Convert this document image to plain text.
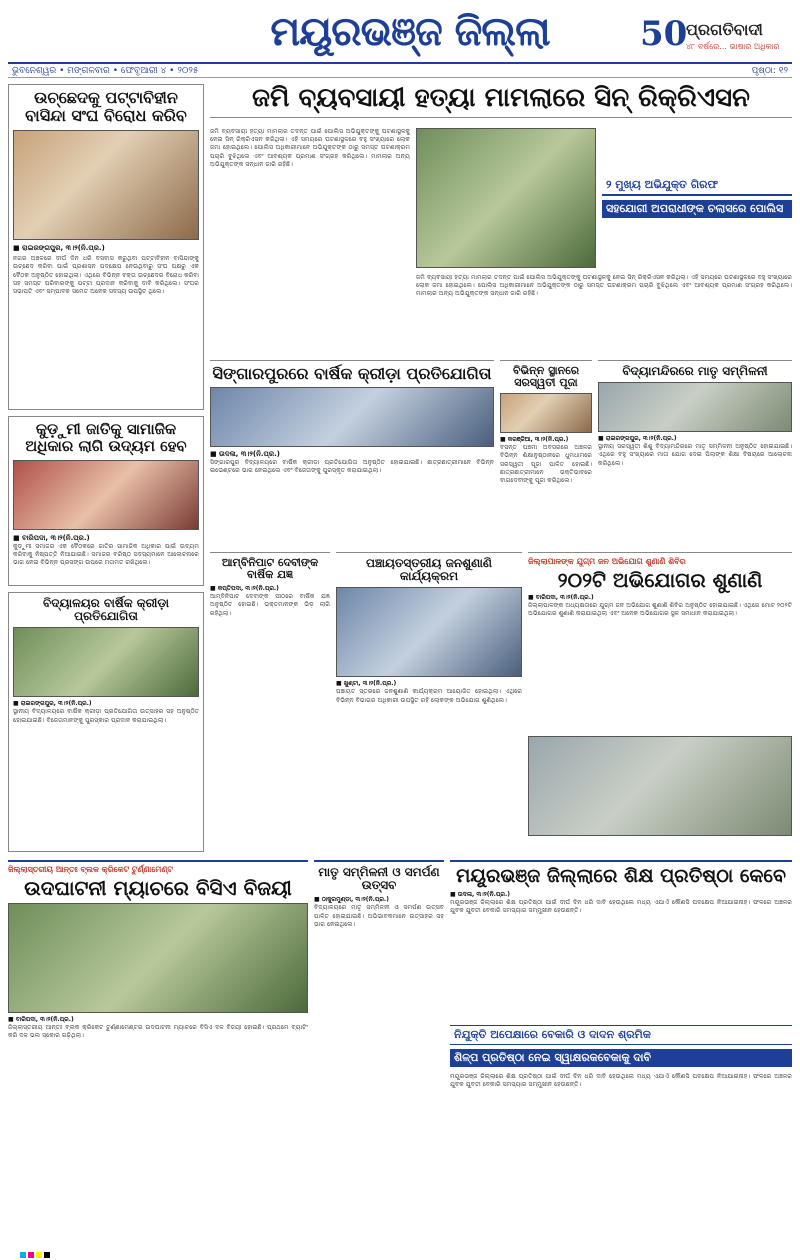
ମୟୂରଭଞ୍ଜ ଜିଲ୍ଲା	50
ପ୍ରଗତିବାଦୀ
୪୮ ବର୍ଷରେ... ଭାଷାର ଅଧିକାର
ଭୁବନେଶ୍ୱର • ମଙ୍ଗଳବାର • ଫେବୃଆରୀ ୪ • ୨୦୨୫	ପୃଷ୍ଠା: ୧୨
ଉଚ୍ଛେଦକୁ ପଟ୍ଟାବିହୀନ ବାସିନ୍ଦା ସଂଘ ବିରୋଧ କରିବ
■ ରାଇରଙ୍ଗପୁର, ୩।୨(ନି.ପ୍ର.)
ନଗର ଅଞ୍ଚଳରେ ଦୀର୍ଘ ଦିନ ଧରି ବସବାସ କରୁଥିବା ପଟ୍ଟାବିହୀନ ବାସିନ୍ଦାଙ୍କୁ ଉଚ୍ଛେଦ କରିବା ପାଇଁ ପ୍ରଶାସନ ପଦକ୍ଷେପ ନେଉଥିବାରୁ ସଂଘ ପକ୍ଷରୁ ଏକ ବୈଠକ ଅନୁଷ୍ଠିତ ହୋଇଥିଲା। ଏଥିରେ ବିଭିନ୍ନ ବକ୍ତା ଉଚ୍ଛେଦର ବିରୋଧ କରିବା ସହ ସମସ୍ତ ପରିବାରଙ୍କୁ ପଟ୍ଟା ପ୍ରଦାନ କରିବାକୁ ଦାବି କରିଥିଲେ। ସଂଘର ସଭାପତି ଏବଂ ସମ୍ପାଦକ ସମେତ ଅନେକ ସଦସ୍ୟ ଉପସ୍ଥିତ ଥିଲେ।
ଜମି ବ୍ୟବସାୟୀ ହତ୍ୟା ମାମଲାରେ ସିନ୍ ରିକ୍ରିଏସନ
ଜମି ବ୍ୟବସାୟୀ ହତ୍ୟା ମାମଲାର ତଦନ୍ତ ପାଇଁ ପୋଲିସ ଅଭିଯୁକ୍ତଙ୍କୁ ଘଟଣାସ୍ଥଳକୁ ନେଇ ସିନ୍ ରିକ୍ରିଏସନ କରିଥିଲା। ଏହି ସମୟରେ ଘଟଣାସ୍ଥଳରେ ବହୁ ସଂଖ୍ୟାରେ ଲୋକ ଜମା ହୋଇଥିଲେ। ପୋଲିସ ଅଧିକାରୀମାନେ ଅଭିଯୁକ୍ତଙ୍କ ଠାରୁ ସମସ୍ତ ଘଟଣାକ୍ରମ ପଚାରି ବୁଝିଥିଲେ ଏବଂ ଆବଶ୍ୟକ ପ୍ରମାଣ ସଂଗ୍ରହ କରିଥିଲେ। ମାମଲାର ଅନ୍ୟ ଅଭିଯୁକ୍ତଙ୍କ ସନ୍ଧାନ ଜାରି ରହିଛି।
୨ ମୁଖ୍ୟ ଅଭିଯୁକ୍ତ ଗିରଫ
ସହଯୋଗୀ ଅପରାଧୀଙ୍କ ଚଲାସରେ ପୋଲିସ
ଜମି ବ୍ୟବସାୟୀ ହତ୍ୟା ମାମଲାର ତଦନ୍ତ ପାଇଁ ପୋଲିସ ଅଭିଯୁକ୍ତଙ୍କୁ ଘଟଣାସ୍ଥଳକୁ ନେଇ ସିନ୍ ରିକ୍ରିଏସନ କରିଥିଲା। ଏହି ସମୟରେ ଘଟଣାସ୍ଥଳରେ ବହୁ ସଂଖ୍ୟାରେ ଲୋକ ଜମା ହୋଇଥିଲେ। ପୋଲିସ ଅଧିକାରୀମାନେ ଅଭିଯୁକ୍ତଙ୍କ ଠାରୁ ସମସ୍ତ ଘଟଣାକ୍ରମ ପଚାରି ବୁଝିଥିଲେ ଏବଂ ଆବଶ୍ୟକ ପ୍ରମାଣ ସଂଗ୍ରହ କରିଥିଲେ। ମାମଲାର ଅନ୍ୟ ଅଭିଯୁକ୍ତଙ୍କ ସନ୍ଧାନ ଜାରି ରହିଛି।
କୁଡ଼ୁମୀ ଜାତିକୁ ସାମାଜିକ ଅଧିକାର ଲାଗି ଉଦ୍ୟମ ହେବ
■ ବାରିପଦା, ୩।୨(ନି.ପ୍ର.)
କୁଡ଼ୁମୀ ସମାଜର ଏକ ବୈଠକରେ ଜାତିର ସାମାଜିକ ଅଧିକାର ପାଇଁ ଉଦ୍ୟମ କରିବାକୁ ନିଷ୍ପତ୍ତି ନିଆଯାଇଛି। ସମାଜର ବରିଷ୍ଠ ସଦସ୍ୟମାନେ ଆଲୋଚନାରେ ଭାଗ ନେଇ ବିଭିନ୍ନ ପ୍ରସଙ୍ଗ ଉପରେ ମତାମତ ରଖିଥିଲେ।
ସିଙ୍ଗାରପୁରରେ ବାର୍ଷିକ କ୍ରୀଡ଼ା ପ୍ରତିଯୋଗିତା
■ ଉଦଳା, ୩।୨(ନି.ପ୍ର.)
ସିଙ୍ଗାରପୁର ବିଦ୍ୟାଳୟରେ ବାର୍ଷିକ କ୍ରୀଡ଼ା ପ୍ରତିଯୋଗିତା ଅନୁଷ୍ଠିତ ହୋଇଯାଇଛି। ଛାତ୍ରଛାତ୍ରୀମାନେ ବିଭିନ୍ନ ଇଭେଣ୍ଟରେ ଭାଗ ନେଇଥିଲେ ଏବଂ ବିଜେତାଙ୍କୁ ପୁରସ୍କୃତ କରାଯାଇଥିଲା।
ବିଭିନ୍ନ ସ୍ଥାନରେ ସରସ୍ୱତୀ ପୂଜା
■ କରଞ୍ଜିଆ, ୩।୨(ନି.ପ୍ର.)
ବସନ୍ତ ପଞ୍ଚମୀ ଅବସରରେ ଅଞ୍ଚଳର ବିଭିନ୍ନ ଶିକ୍ଷାନୁଷ୍ଠାନରେ ଧୁମଧାମରେ ସରସ୍ୱତୀ ପୂଜା ପାଳିତ ହୋଇଛି। ଛାତ୍ରଛାତ୍ରୀମାନେ ଭକ୍ତିଭାବରେ ବାଗଦେବୀଙ୍କୁ ପୂଜା କରିଥିଲେ।
ବିଦ୍ୟାମନ୍ଦିରରେ ମାତୃ ସମ୍ମିଳନୀ
■ ରାଇରଙ୍ଗପୁର, ୩।୨(ନି.ପ୍ର.)
ସ୍ଥାନୀୟ ସରସ୍ୱତୀ ଶିଶୁ ବିଦ୍ୟାମନ୍ଦିରରେ ମାତୃ ସମ୍ମିଳନୀ ଅନୁଷ୍ଠିତ ହୋଇଯାଇଛି। ଏଥିରେ ବହୁ ସଂଖ୍ୟାରେ ମାତା ଯୋଗ ଦେଇ ପିଲାଙ୍କ ଶିକ୍ଷା ବିଷୟରେ ଆଲୋଚନା କରିଥିଲେ।
ଆମ୍ବିନିପାଟ ଦେବୀଙ୍କ ବାର୍ଷିକ ଯଜ୍ଞ
■ କପ୍ତିପଦା, ୩।୨(ନି.ପ୍ର.)
ଆମ୍ବିନିପାଟ ଦେବୀଙ୍କ ପୀଠରେ ବାର୍ଷିକ ଯଜ୍ଞ ଅନୁଷ୍ଠିତ ହୋଇଛି। ଭକ୍ତମାନଙ୍କ ଭିଡ଼ ଲାଗି ରହିଥିଲା।
ପଞ୍ଚାୟତସ୍ତରୀୟ ଜନଶୁଣାଣି କାର୍ଯ୍ୟକ୍ରମ
■ ଖୁଣ୍ଟା, ୩।୨(ନି.ପ୍ର.)
ପଞ୍ଚାୟତ ସ୍ତରରେ ଜନଶୁଣାଣି କାର୍ଯ୍ୟକ୍ରମ ଆୟୋଜିତ ହୋଇଥିଲା। ଏଥିରେ ବିଭିନ୍ନ ବିଭାଗର ଅଧିକାରୀ ଉପସ୍ଥିତ ରହି ଲୋକଙ୍କ ଅଭିଯୋଗ ଶୁଣିଥିଲେ।
ଜିଲ୍ଲାପାଳଙ୍କ ଯୁଗ୍ମ ଜନ ଅଭିଯୋଗ ଶୁଣାଣି ଶିବିର
୨୦୨ଟି ଅଭିଯୋଗର ଶୁଣାଣି
■ ବାରିପଦା, ୩।୨(ନି.ପ୍ର.)
ଜିଲ୍ଲାପାଳଙ୍କ ଅଧ୍ୟକ୍ଷତାରେ ଯୁଗ୍ମ ଜନ ଅଭିଯୋଗ ଶୁଣାଣି ଶିବିର ଅନୁଷ୍ଠିତ ହୋଇଯାଇଛି। ଏଥିରେ ମୋଟ ୨୦୨ଟି ଅଭିଯୋଗର ଶୁଣାଣି କରାଯାଇଥିଲା ଏବଂ ଅନେକ ଅଭିଯୋଗର ସ୍ଥଳ ସମାଧାନ କରାଯାଇଥିଲା।
ବିଦ୍ୟାଳୟର ବାର୍ଷିକ କ୍ରୀଡ଼ା ପ୍ରତିଯୋଗିତା
■ ରାଇରଙ୍ଗପୁର, ୩।୨(ନି.ପ୍ର.)
ସ୍ଥାନୀୟ ବିଦ୍ୟାଳୟରେ ବାର୍ଷିକ କ୍ରୀଡ଼ା ପ୍ରତିଯୋଗିତା ଉତ୍ସାହର ସହ ଅନୁଷ୍ଠିତ ହୋଇଯାଇଛି। ବିଜେତାମାନଙ୍କୁ ପୁରସ୍କାର ପ୍ରଦାନ କରାଯାଇଥିଲା।
ଜିଲ୍ଲାସ୍ତରୀୟ ଆନ୍ତଃ ବ୍ଲକ କ୍ରିକେଟ ଟୁର୍ଣ୍ଣାମେଣ୍ଟ
ଉଦଘାଟନୀ ମ୍ୟାଚରେ ବିସିଏ ବିଜୟୀ
■ ବାରିପଦା, ୩।୨(ନି.ପ୍ର.)
ଜିଲ୍ଲାସ୍ତରୀୟ ଆନ୍ତଃ ବ୍ଲକ କ୍ରିକେଟ ଟୁର୍ଣ୍ଣାମେଣ୍ଟର ଉଦଘାଟନୀ ମ୍ୟାଚରେ ବିସିଏ ଦଳ ବିଜୟୀ ହୋଇଛି। ପ୍ରଥମେ ବ୍ୟାଟିଂ କରି ଦଳ ଭଲ ସ୍କୋର ଗଢ଼ିଥିଲା।
ମାତୃ ସମ୍ମିଳନୀ ଓ ସମର୍ପଣ ଉତ୍ସବ
■ ଠାକୁରମୁଣ୍ଡା, ୩।୨(ନି.ପ୍ର.)
ବିଦ୍ୟାଳୟରେ ମାତୃ ସମ୍ମିଳନୀ ଓ ସମର୍ପଣ ଉତ୍ସବ ପାଳିତ ହୋଇଯାଇଛି। ଅଭିଭାବକମାନେ ଉତ୍ସାହର ସହ ଭାଗ ନେଇଥିଲେ।
ମୟୂରଭଞ୍ଜ ଜିଲ୍ଲାରେ ଶିକ୍ଷ ପ୍ରତିଷ୍ଠା କେବେ
■ ଉଦଳା, ୩।୨(ନି.ପ୍ର.)
ମୟୂରଭଞ୍ଜ ଜିଲ୍ଲାରେ ଶିକ୍ଷ ପ୍ରତିଷ୍ଠା ପାଇଁ ଦୀର୍ଘ ଦିନ ଧରି ଦାବି ହେଉଥିଲେ ମଧ୍ୟ ଏଯାଏଁ କୌଣସି ପଦକ୍ଷେପ ନିଆଯାଇନାହିଁ। ଫଳରେ ଅଞ୍ଚଳର ଯୁବକ ଯୁବତୀ ବେକାରି ସମସ୍ୟାର ସମ୍ମୁଖୀନ ହେଉଛନ୍ତି।
ନିଯୁକ୍ତି ଅପେକ୍ଷାରେ ବେକାରି ଓ ଦାଦନ ଶ୍ରମିକ
ଶିଳ୍ପ ପ୍ରତିଷ୍ଠା ନେଇ ସ୍ୱାକ୍ଷରକବେକାକୁ ଦାବି
ମୟୂରଭଞ୍ଜ ଜିଲ୍ଲାରେ ଶିକ୍ଷ ପ୍ରତିଷ୍ଠା ପାଇଁ ଦୀର୍ଘ ଦିନ ଧରି ଦାବି ହେଉଥିଲେ ମଧ୍ୟ ଏଯାଏଁ କୌଣସି ପଦକ୍ଷେପ ନିଆଯାଇନାହିଁ। ଫଳରେ ଅଞ୍ଚଳର ଯୁବକ ଯୁବତୀ ବେକାରି ସମସ୍ୟାର ସମ୍ମୁଖୀନ ହେଉଛନ୍ତି।
